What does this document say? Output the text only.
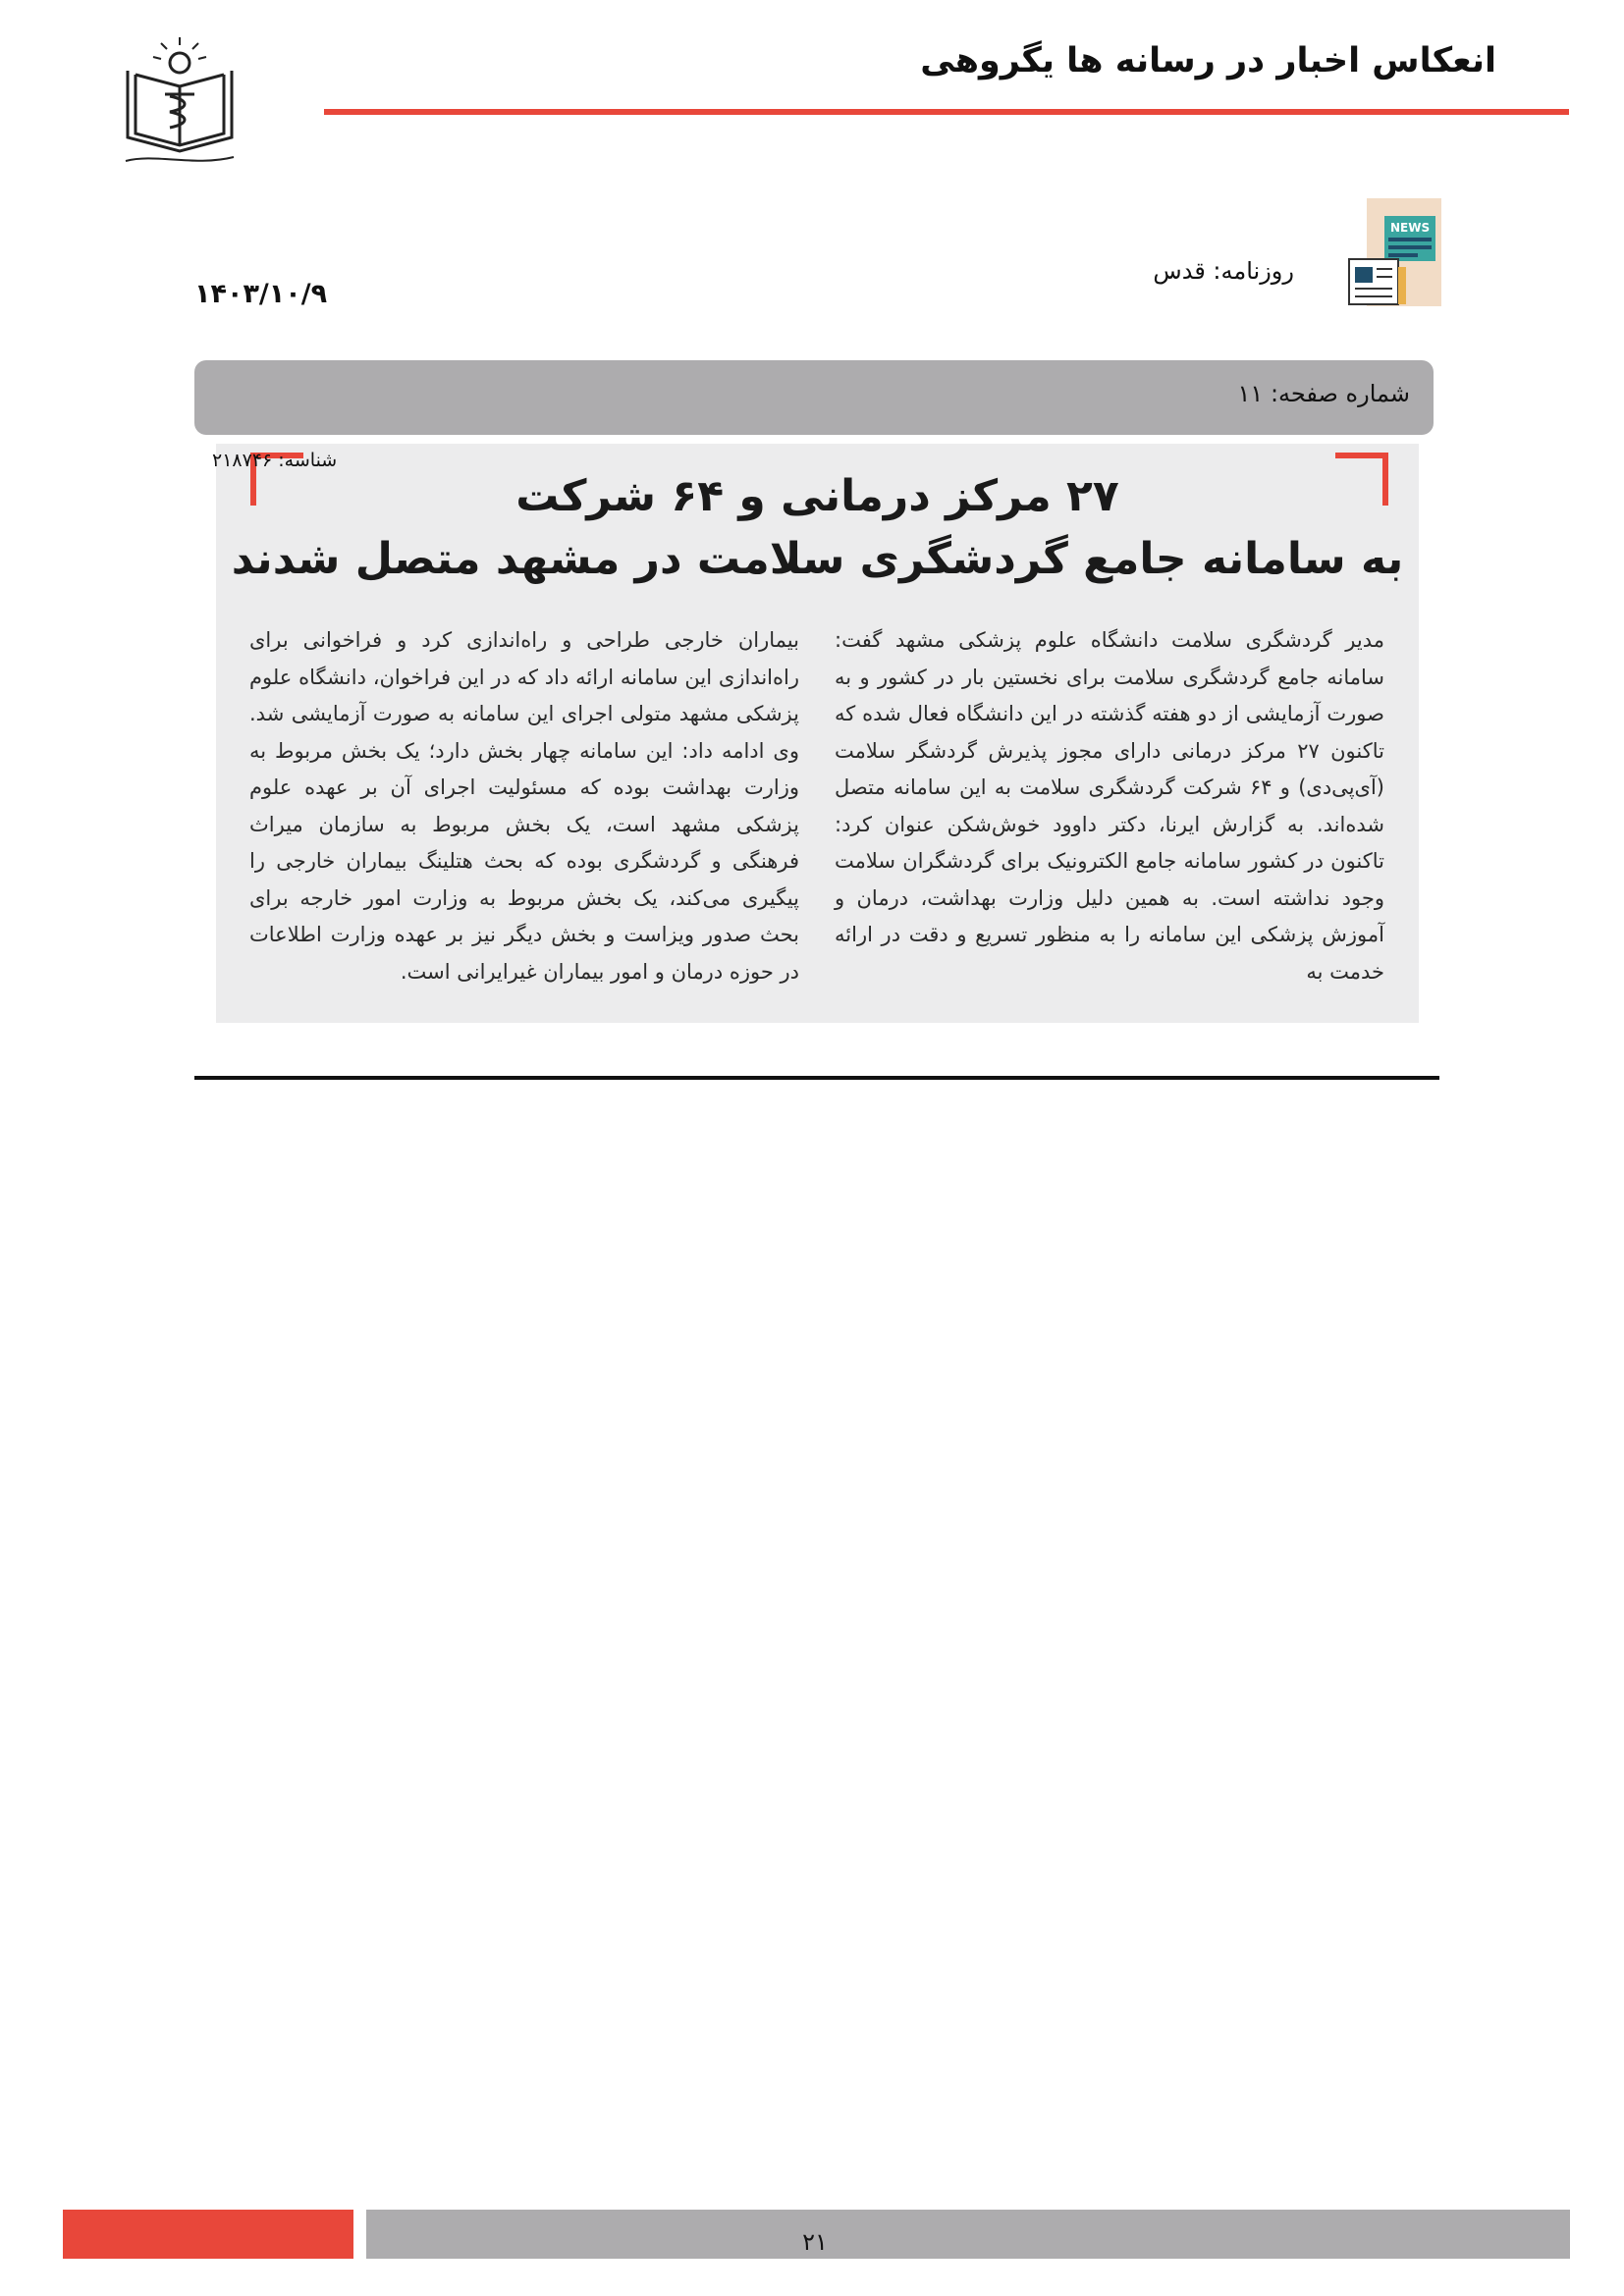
انعکاس اخبار در رسانه ها یگروهی
NEWS
روزنامه: قدس
۱۴۰۳/۱۰/۹
شماره صفحه: ۱۱
شناسه: ۲۱۸۷۴۶
۲۷ مرکز درمانی و ۶۴ شرکت
به سامانه جامع گردشگری سلامت در مشهد متصل شدند
مدیر گردشگری سلامت دانشگاه علوم پزشکی مشهد گفت: سامانه جامع گردشگری سلامت برای نخستین بار در کشور و به صورت آزمایشی از دو هفته گذشته در این دانشگاه فعال شده که تاکنون ۲۷ مرکز درمانی دارای مجوز پذیرش گردشگر سلامت (آی‌پی‌دی) و ۶۴ شرکت گردشگری سلامت به این سامانه متصل شده‌اند. به گزارش ایرنا، دکتر داوود خوش‌شکن عنوان کرد: تاکنون در کشور سامانه جامع الکترونیک برای گردشگران سلامت وجود نداشته است. به همین دلیل وزارت بهداشت، درمان و آموزش پزشکی این سامانه را به منظور تسریع و دقت در ارائه خدمت به
بیماران خارجی طراحی و راه‌اندازی کرد و فراخوانی برای راه‌اندازی این سامانه ارائه داد که در این فراخوان، دانشگاه علوم پزشکی مشهد متولی اجرای این سامانه به صورت آزمایشی شد. وی ادامه داد: این سامانه چهار بخش دارد؛ یک بخش مربوط به وزارت بهداشت بوده که مسئولیت اجرای آن بر عهده علوم پزشکی مشهد است، یک بخش مربوط به سازمان میراث فرهنگی و گردشگری بوده که بحث هتلینگ بیماران خارجی را پیگیری می‌کند، یک بخش مربوط به وزارت امور خارجه برای بحث صدور ویزاست و بخش دیگر نیز بر عهده وزارت اطلاعات در حوزه درمان و امور بیماران غیرایرانی است.
۲۱
